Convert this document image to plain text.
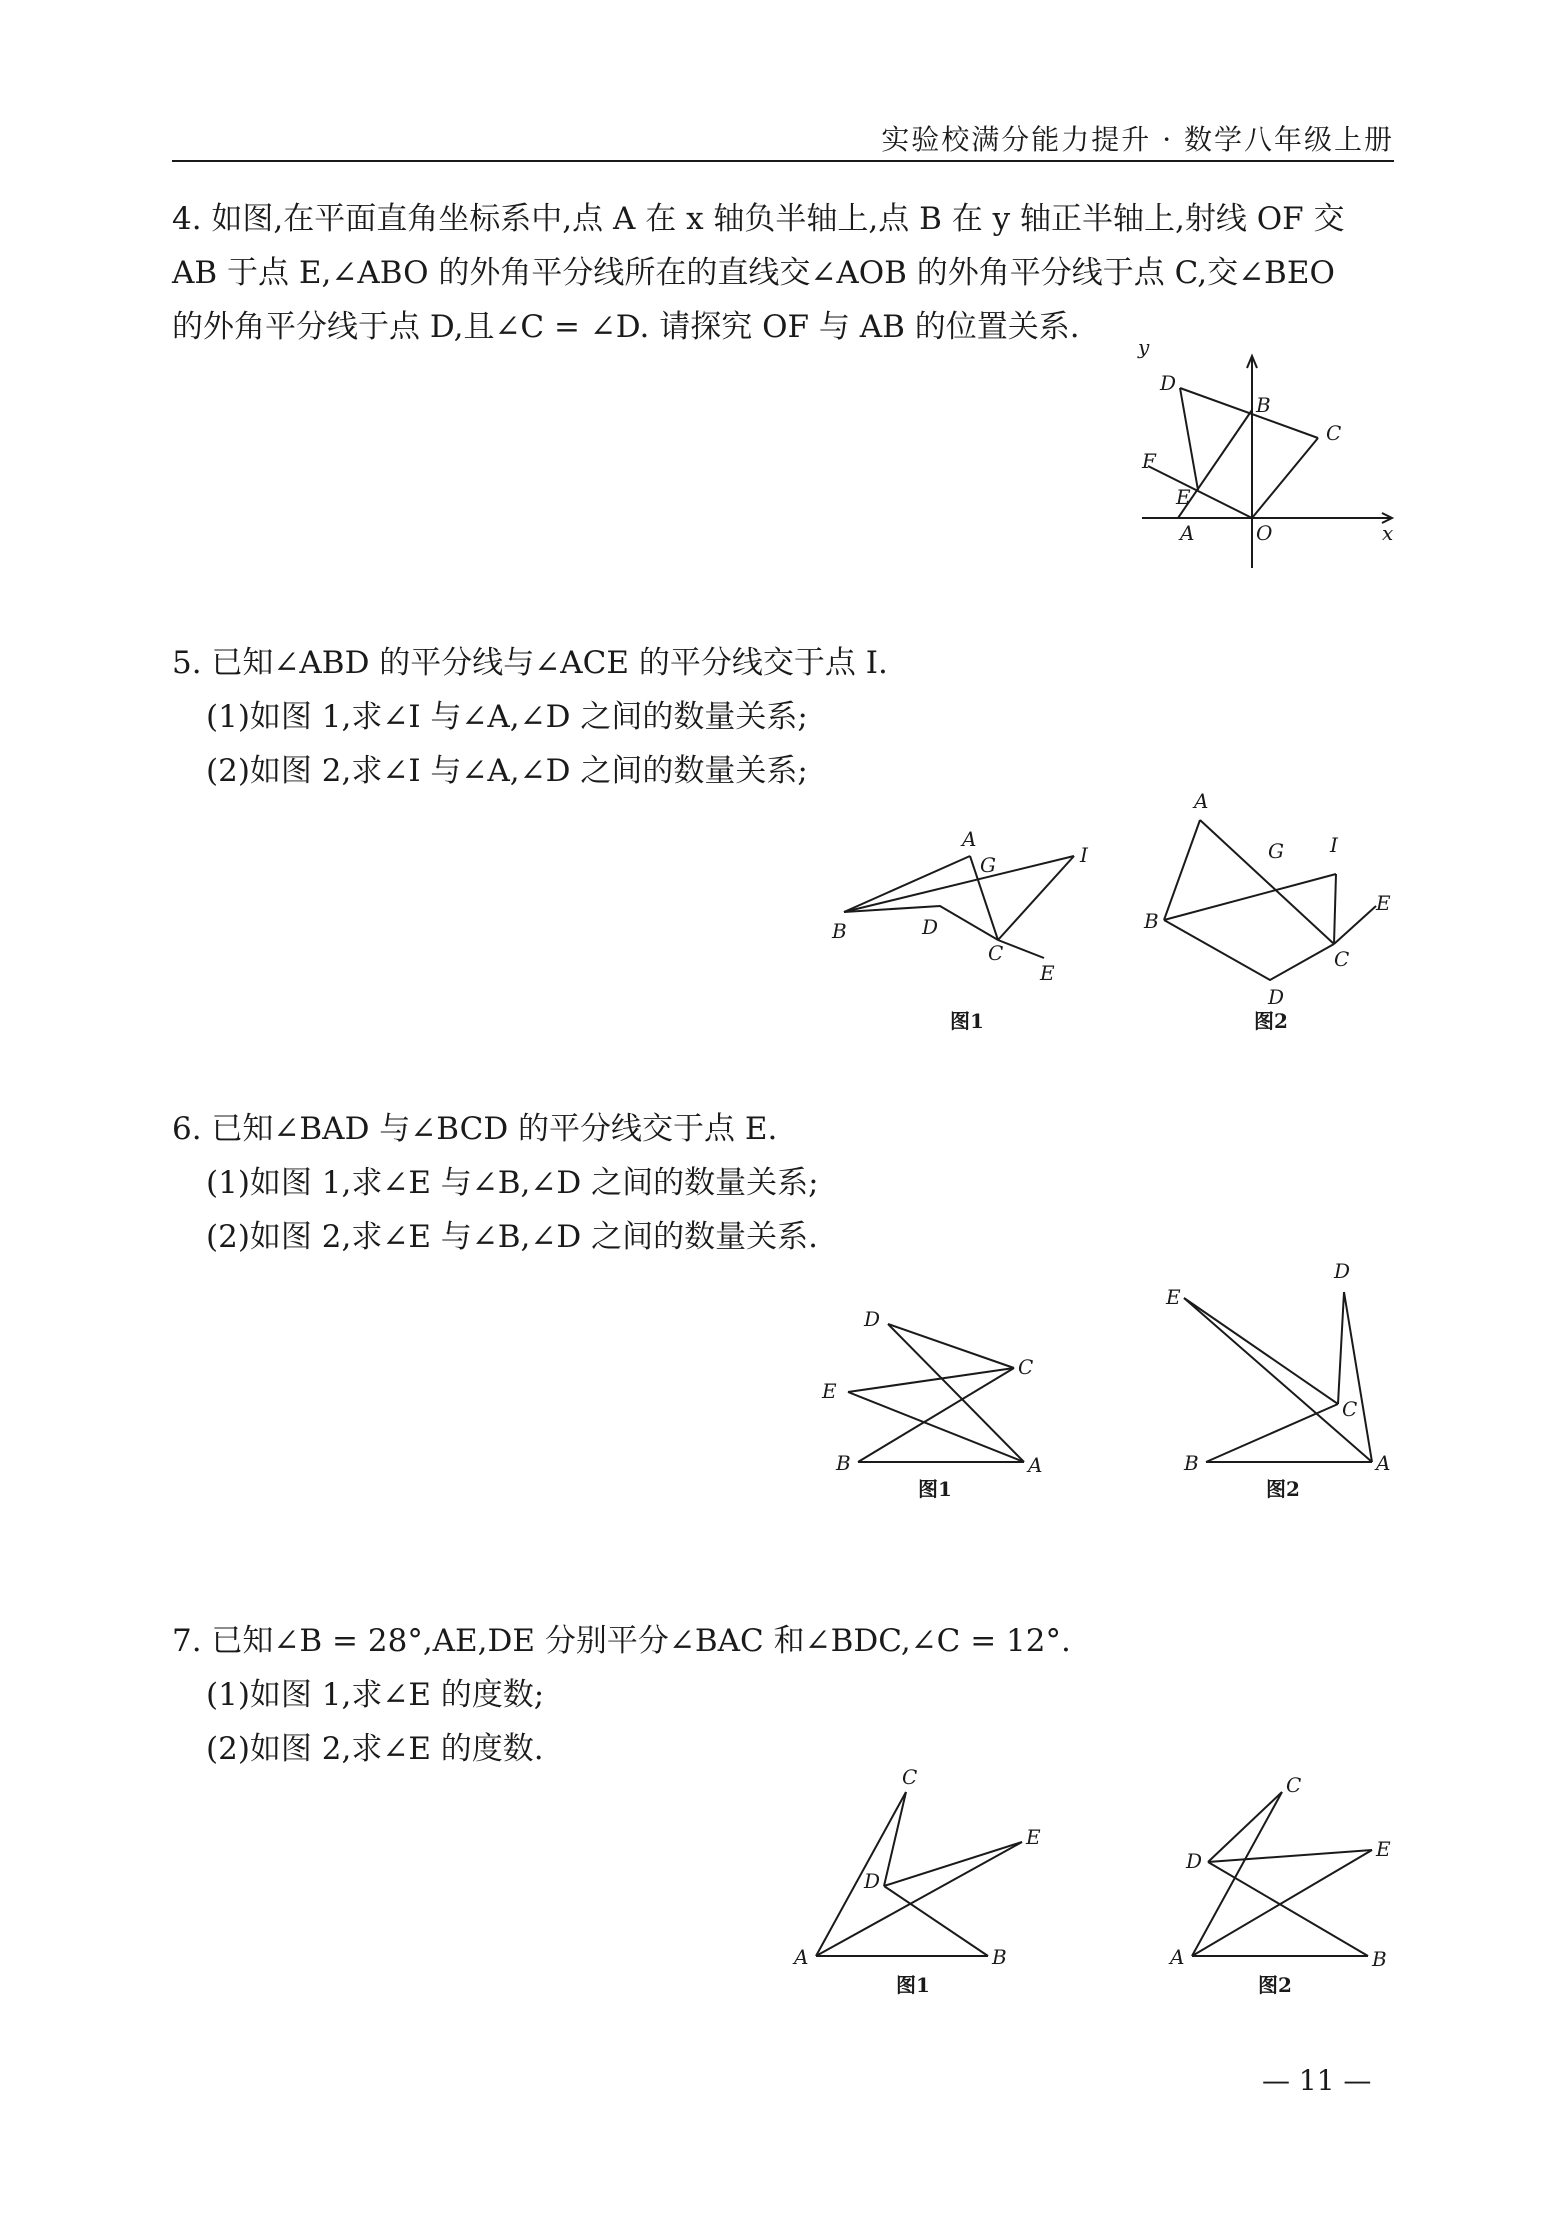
实验校满分能力提升 · 数学八年级上册
4. 如图,在平面直角坐标系中,点 A 在 x 轴负半轴上,点 B 在 y 轴正半轴上,射线 OF 交
AB 于点 E,∠ABO 的外角平分线所在的直线交∠AOB 的外角平分线于点 C,交∠BEO
的外角平分线于点 D,且∠C = ∠D. 请探究 OF 与 AB 的位置关系.
y
D
B
C
F
E
A	O	x
5. 已知∠ABD 的平分线与∠ACE 的平分线交于点 I.
(1)如图 1,求∠I 与∠A,∠D 之间的数量关系;
(2)如图 2,求∠I 与∠A,∠D 之间的数量关系;
A
G	I
B	D
C
E
图1
A
G I
E
B
C
D
图2
6. 已知∠BAD 与∠BCD 的平分线交于点 E.
(1)如图 1,求∠E 与∠B,∠D 之间的数量关系;
(2)如图 2,求∠E 与∠B,∠D 之间的数量关系.
D
C
E
B	A
图1
D
E
C
B	A
图2
7. 已知∠B = 28°,AE,DE 分别平分∠BAC 和∠BDC,∠C = 12°.
(1)如图 1,求∠E 的度数;
(2)如图 2,求∠E 的度数.
C
E
D
A	B
图1
C
D	E
A	B
图2
— 11 —
